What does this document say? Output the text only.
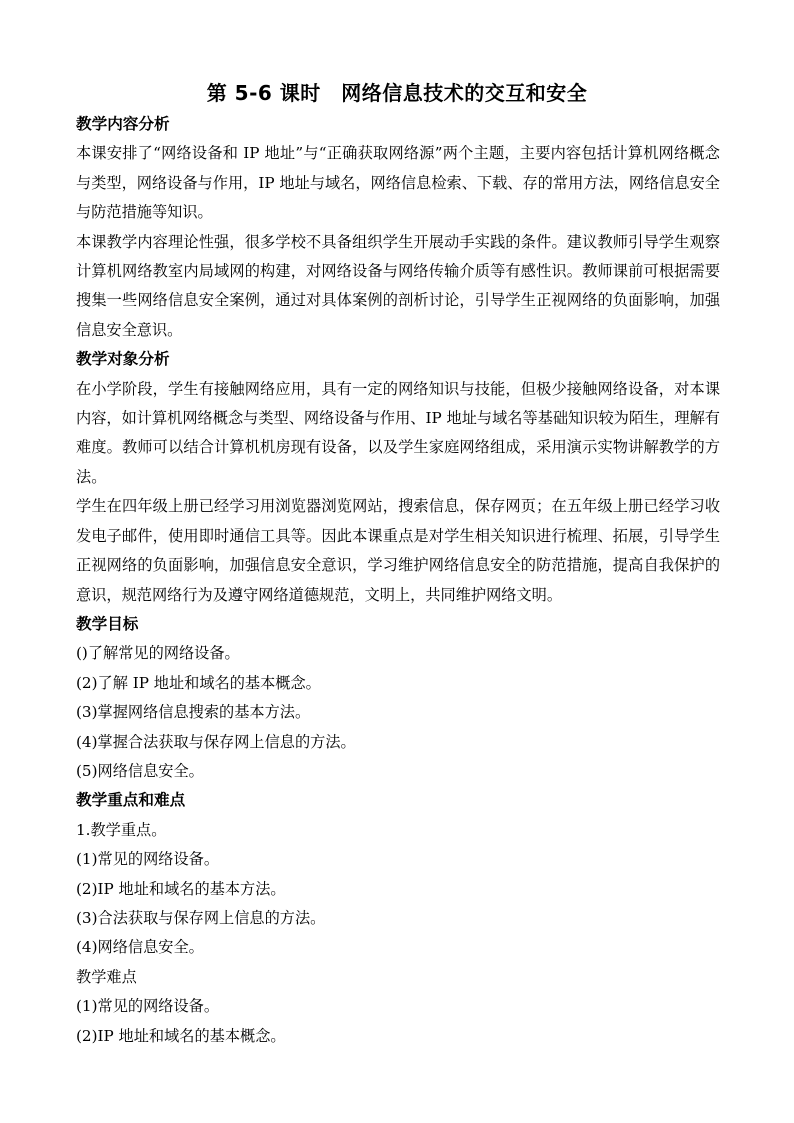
第 5-6 课时　网络信息技术的交互和安全

教学内容分析

本课安排了“网络设备和 IP 地址”与“正确获取网络源”两个主题，主要内容包括计算机网络概念与类型，网络设备与作用，IP 地址与域名，网络信息检索、下载、存的常用方法，网络信息安全与防范措施等知识。

本课教学内容理论性强，很多学校不具备组织学生开展动手实践的条件。建议教师引导学生观察计算机网络教室内局域网的构建，对网络设备与网络传输介质等有感性识。教师课前可根据需要搜集一些网络信息安全案例，通过对具体案例的剖析讨论，引导学生正视网络的负面影响，加强信息安全意识。

教学对象分析

在小学阶段，学生有接触网络应用，具有一定的网络知识与技能，但极少接触网络设备，对本课内容，如计算机网络概念与类型、网络设备与作用、IP 地址与域名等基础知识较为陌生，理解有难度。教师可以结合计算机机房现有设备，以及学生家庭网络组成，采用演示实物讲解教学的方法。

学生在四年级上册已经学习用浏览器浏览网站，搜索信息，保存网页；在五年级上册已经学习收发电子邮件，使用即时通信工具等。因此本课重点是对学生相关知识进行梳理、拓展，引导学生正视网络的负面影响，加强信息安全意识，学习维护网络信息安全的防范措施，提高自我保护的意识，规范网络行为及遵守网络道德规范，文明上，共同维护网络文明。

教学目标

()了解常见的网络设备。

(2)了解 IP 地址和域名的基本概念。

(3)掌握网络信息搜索的基本方法。

(4)掌握合法获取与保存网上信息的方法。

(5)网络信息安全。

教学重点和难点

1.教学重点。

(1)常见的网络设备。

(2)IP 地址和域名的基本方法。

(3)合法获取与保存网上信息的方法。

(4)网络信息安全。

教学难点

(1)常见的网络设备。

(2)IP 地址和域名的基本概念。
